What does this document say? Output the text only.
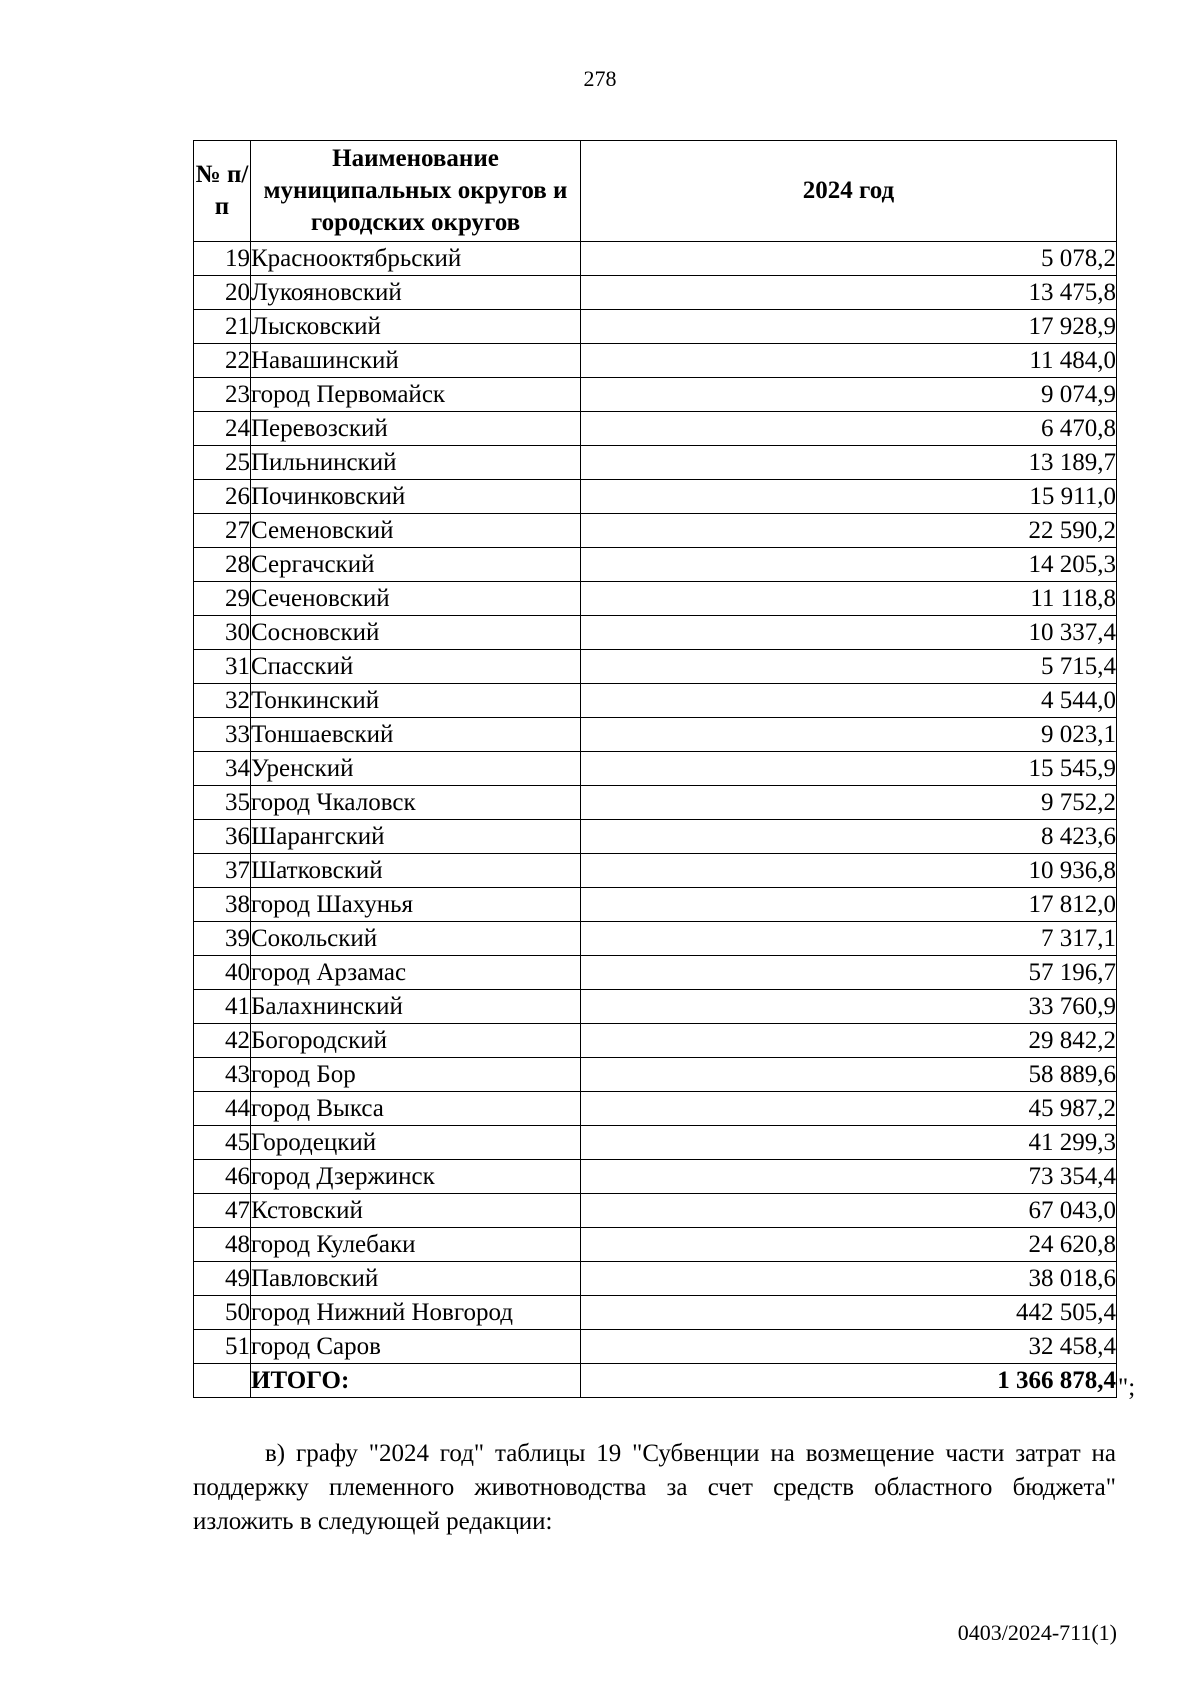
278
№ п/п	Наименование муниципальных округов и городских округов	2024 год
19	Краснооктябрьский	5 078,2
20	Лукояновский	13 475,8
21	Лысковский	17 928,9
22	Навашинский	11 484,0
23	город Первомайск	9 074,9
24	Перевозский	6 470,8
25	Пильнинский	13 189,7
26	Починковский	15 911,0
27	Семеновский	22 590,2
28	Сергачский	14 205,3
29	Сеченовский	11 118,8
30	Сосновский	10 337,4
31	Спасский	5 715,4
32	Тонкинский	4 544,0
33	Тоншаевский	9 023,1
34	Уренский	15 545,9
35	город Чкаловск	9 752,2
36	Шарангский	8 423,6
37	Шатковский	10 936,8
38	город Шахунья	17 812,0
39	Сокольский	7 317,1
40	город Арзамас	57 196,7
41	Балахнинский	33 760,9
42	Богородский	29 842,2
43	город Бор	58 889,6
44	город Выкса	45 987,2
45	Городецкий	41 299,3
46	город Дзержинск	73 354,4
47	Кстовский	67 043,0
48	город Кулебаки	24 620,8
49	Павловский	38 018,6
50	город Нижний Новгород	442 505,4
51	город Саров	32 458,4
	ИТОГО:	1 366 878,4 ";
в) графу "2024 год" таблицы 19 "Субвенции на возмещение части затрат на поддержку племенного животноводства за счет средств областного бюджета" изложить в следующей редакции:
0403/2024-711(1)
